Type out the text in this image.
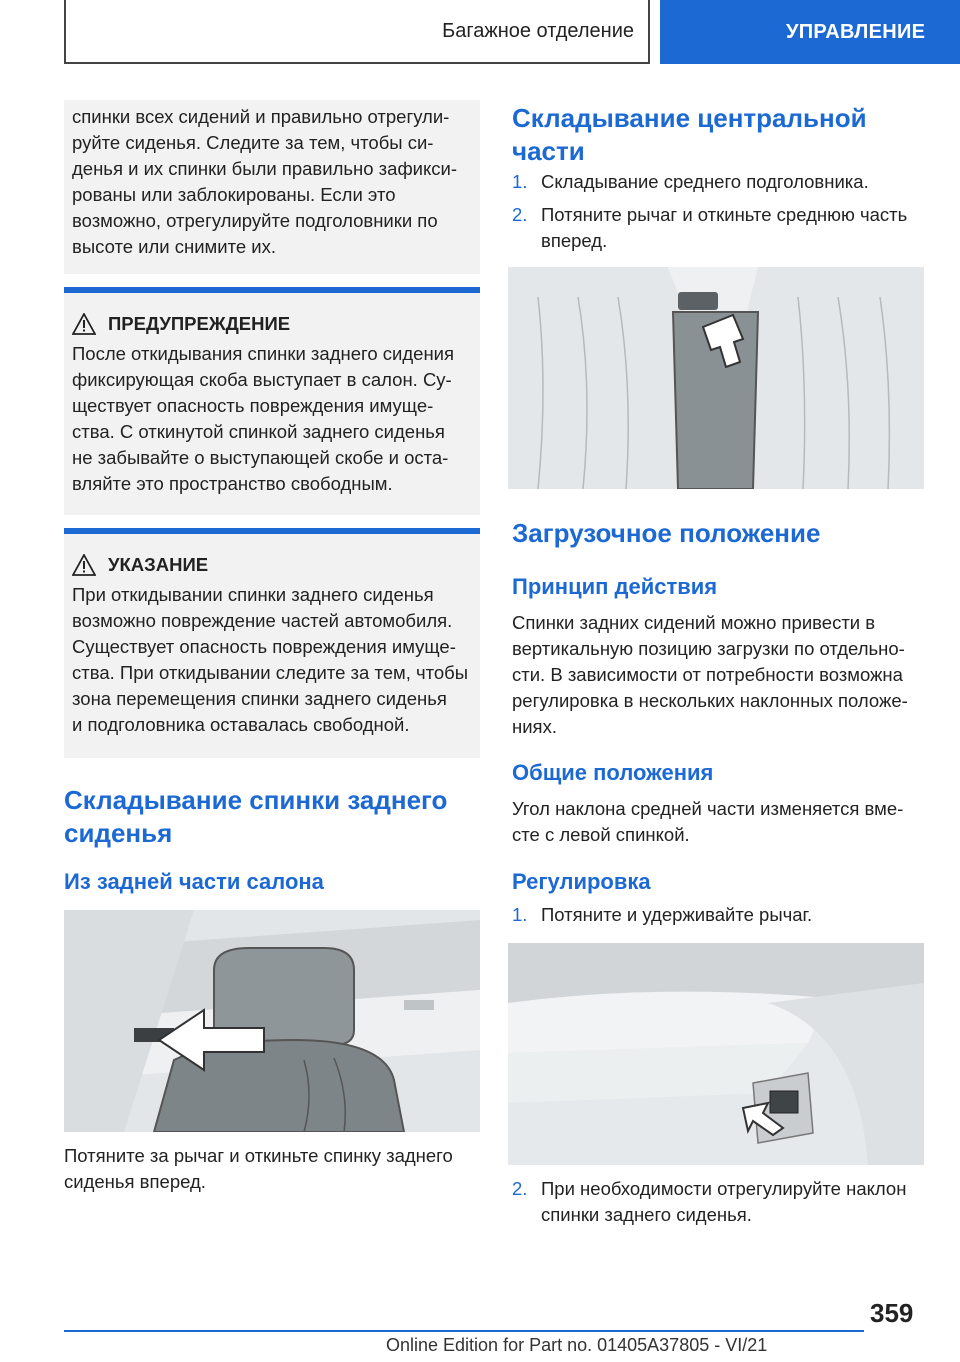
Багажное отделение	УПРАВЛЕНИЕ
спинки всех сидений и правильно отрегули-
руйте сиденья. Следите за тем, чтобы си-
денья и их спинки были правильно зафикси-
рованы или заблокированы. Если это
возможно, отрегулируйте подголовники по
высоте или снимите их.
ПРЕДУПРЕЖДЕНИЕ
После откидывания спинки заднего сидения
фиксирующая скоба выступает в салон. Су-
ществует опасность повреждения имуще-
ства. С откинутой спинкой заднего сиденья
не забывайте о выступающей скобе и оста-
вляйте это пространство свободным.
УКАЗАНИЕ
При откидывании спинки заднего сиденья
возможно повреждение частей автомобиля.
Существует опасность повреждения имуще-
ства. При откидывании следите за тем, чтобы
зона перемещения спинки заднего сиденья
и подголовника оставалась свободной.
Складывание спинки заднего
сиденья
Из задней части салона
Потяните за рычаг и откиньте спинку заднего
сиденья вперед.
Складывание центральной
части
1. Складывание среднего подголовника.
2. Потяните рычаг и откиньте среднюю часть
вперед.
Загрузочное положение
Принцип действия
Спинки задних сидений можно привести в
вертикальную позицию загрузки по отдельно-
сти. В зависимости от потребности возможна
регулировка в нескольких наклонных положе-
ниях.
Общие положения
Угол наклона средней части изменяется вме-
сте с левой спинкой.
Регулировка
1. Потяните и удерживайте рычаг.
2. При необходимости отрегулируйте наклон
спинки заднего сиденья.
359
Online Edition for Part no. 01405A37805 - VI/21
